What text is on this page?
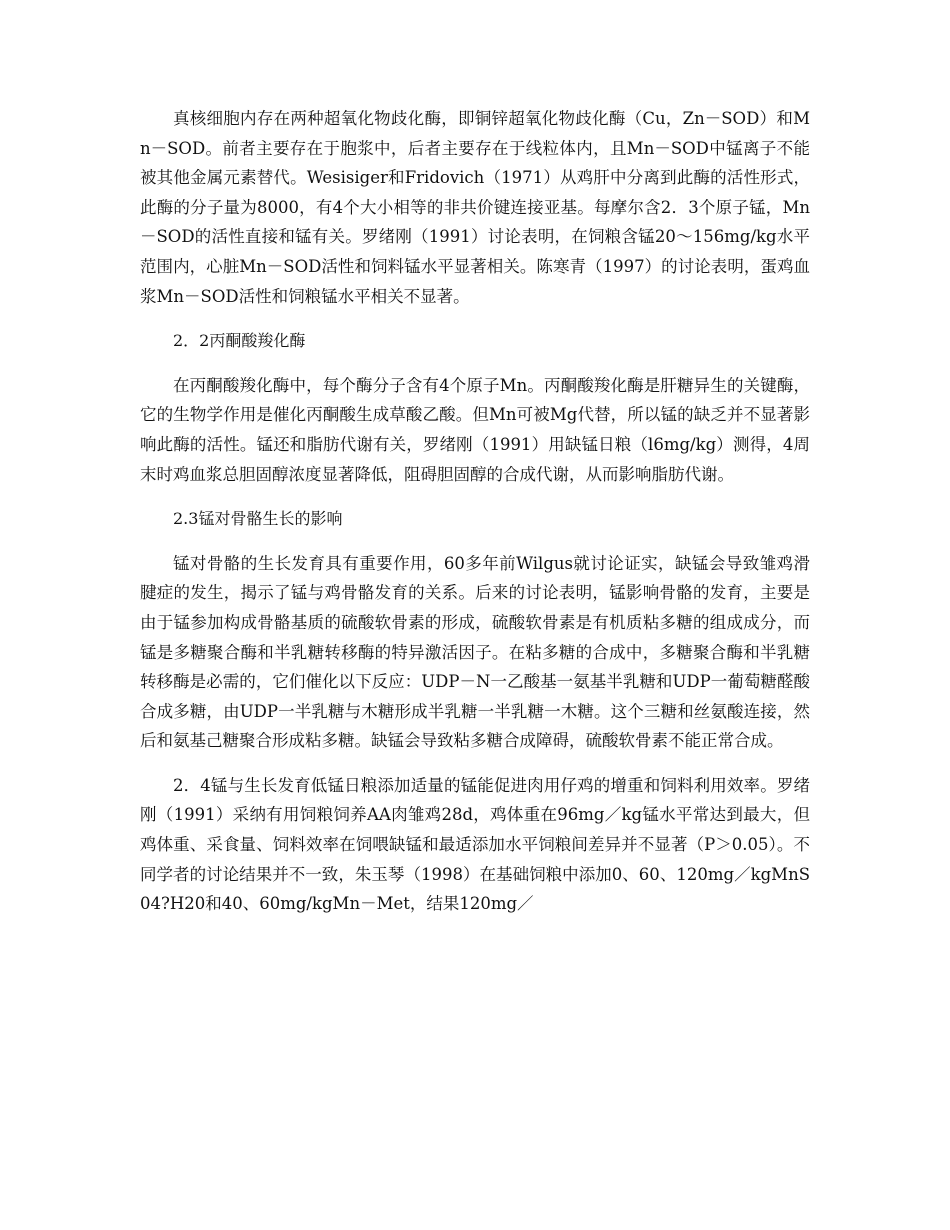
真核细胞内存在两种超氧化物歧化酶，即铜锌超氧化物歧化酶（Cu，Zn－SOD）和Mn－SOD。前者主要存在于胞浆中，后者主要存在于线粒体内，且Mn－SOD中锰离子不能被其他金属元素替代。Wesisiger和Fridovich（1971）从鸡肝中分离到此酶的活性形式，此酶的分子量为8000，有4个大小相等的非共价键连接亚基。每摩尔含2．3个原子锰，Mn－SOD的活性直接和锰有关。罗绪刚（1991）讨论表明，在饲粮含锰20～156mg/kg水平范围内，心脏Mn－SOD活性和饲料锰水平显著相关。陈寒青（1997）的讨论表明，蛋鸡血浆Mn－SOD活性和饲粮锰水平相关不显著。

2．2丙酮酸羧化酶

在丙酮酸羧化酶中，每个酶分子含有4个原子Mn。丙酮酸羧化酶是肝糖异生的关键酶，它的生物学作用是催化丙酮酸生成草酸乙酸。但Mn可被Mg代替，所以锰的缺乏并不显著影响此酶的活性。锰还和脂肪代谢有关，罗绪刚（1991）用缺锰日粮（l6mg/kg）测得，4周末时鸡血浆总胆固醇浓度显著降低，阻碍胆固醇的合成代谢，从而影响脂肪代谢。

2.3锰对骨骼生长的影响

锰对骨骼的生长发育具有重要作用，60多年前Wilgus就讨论证实，缺锰会导致雏鸡滑腱症的发生，揭示了锰与鸡骨骼发育的关系。后来的讨论表明，锰影响骨骼的发育，主要是由于锰参加构成骨骼基质的硫酸软骨素的形成，硫酸软骨素是有机质粘多糖的组成成分，而锰是多糖聚合酶和半乳糖转移酶的特异激活因子。在粘多糖的合成中，多糖聚合酶和半乳糖转移酶是必需的，它们催化以下反应：UDP－N一乙酸基一氨基半乳糖和UDP一葡萄糖醛酸合成多糖，由UDP一半乳糖与木糖形成半乳糖一半乳糖一木糖。这个三糖和丝氨酸连接，然后和氨基己糖聚合形成粘多糖。缺锰会导致粘多糖合成障碍，硫酸软骨素不能正常合成。

2．4锰与生长发育低锰日粮添加适量的锰能促进肉用仔鸡的增重和饲料利用效率。罗绪刚（1991）采纳有用饲粮饲养AA肉雏鸡28d，鸡体重在96mg／kg锰水平常达到最大，但鸡体重、采食量、饲料效率在饲喂缺锰和最适添加水平饲粮间差异并不显著（P＞0.05）。不同学者的讨论结果并不一致，朱玉琴（1998）在基础饲粮中添加0、60、120mg／kgMnS04?H20和40、60mg/kgMn－Met，结果120mg／
